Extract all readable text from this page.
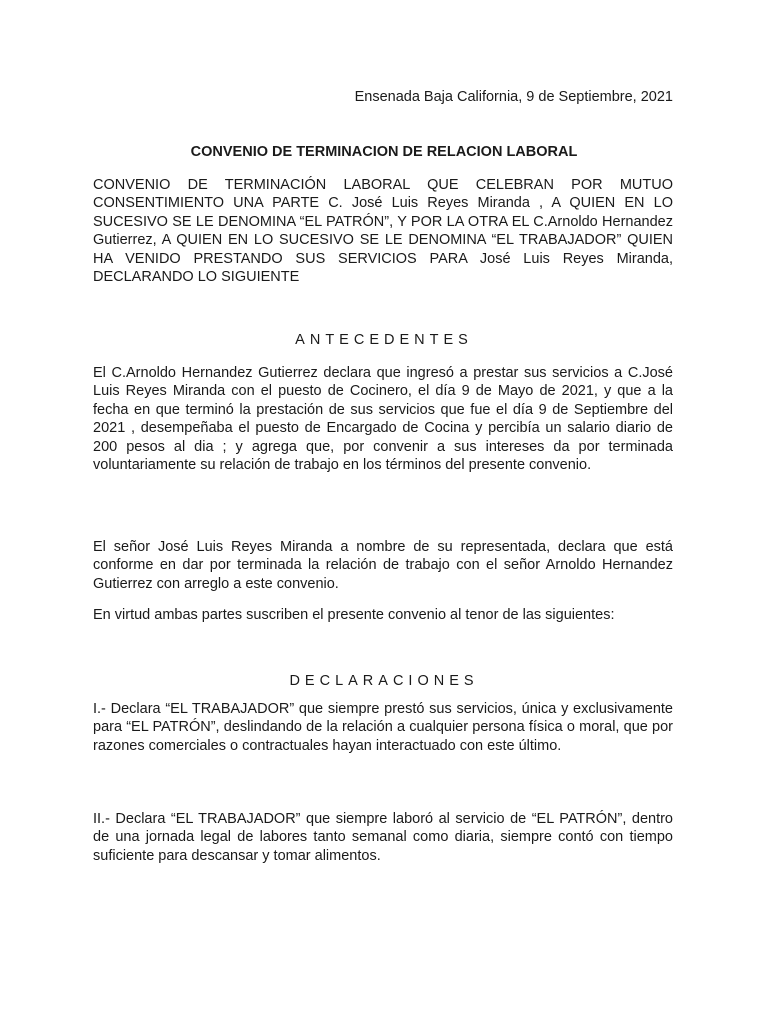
Ensenada Baja California, 9 de Septiembre, 2021
CONVENIO DE TERMINACION DE RELACION LABORAL

CONVENIO DE TERMINACIÓN LABORAL QUE CELEBRAN POR MUTUO CONSENTIMIENTO UNA PARTE C. José Luis Reyes Miranda , A QUIEN EN LO SUCESIVO SE LE DENOMINA “EL PATRÓN”, Y POR LA OTRA EL C.Arnoldo Hernandez Gutierrez, A QUIEN EN LO SUCESIVO SE LE DENOMINA “EL TRABAJADOR” QUIEN HA VENIDO PRESTANDO SUS SERVICIOS PARA José Luis Reyes Miranda, DECLARANDO LO SIGUIENTE

ANTECEDENTES

El C.Arnoldo Hernandez Gutierrez declara que ingresó a prestar sus servicios a C.José Luis Reyes Miranda con el puesto de Cocinero, el día 9 de Mayo de 2021, y que a la fecha en que terminó la prestación de sus servicios que fue el día 9 de Septiembre del 2021 , desempeñaba el puesto de Encargado de Cocina y percibía un salario diario de 200 pesos al dia ; y agrega que, por convenir a sus intereses da por terminada voluntariamente su relación de trabajo en los términos del presente convenio.

El señor José Luis Reyes Miranda a nombre de su representada, declara que está conforme en dar por terminada la relación de trabajo con el señor Arnoldo Hernandez Gutierrez con arreglo a este convenio.

En virtud ambas partes suscriben el presente convenio al tenor de las siguientes:

DECLARACIONES

I.- Declara “EL TRABAJADOR” que siempre prestó sus servicios, única y exclusivamente para “EL PATRÓN”, deslindando de la relación a cualquier persona física o moral, que por razones comerciales o contractuales hayan interactuado con este último.

II.- Declara “EL TRABAJADOR” que siempre laboró al servicio de “EL PATRÓN”, dentro de una jornada legal de labores tanto semanal como diaria, siempre contó con tiempo suficiente para descansar y tomar alimentos.
